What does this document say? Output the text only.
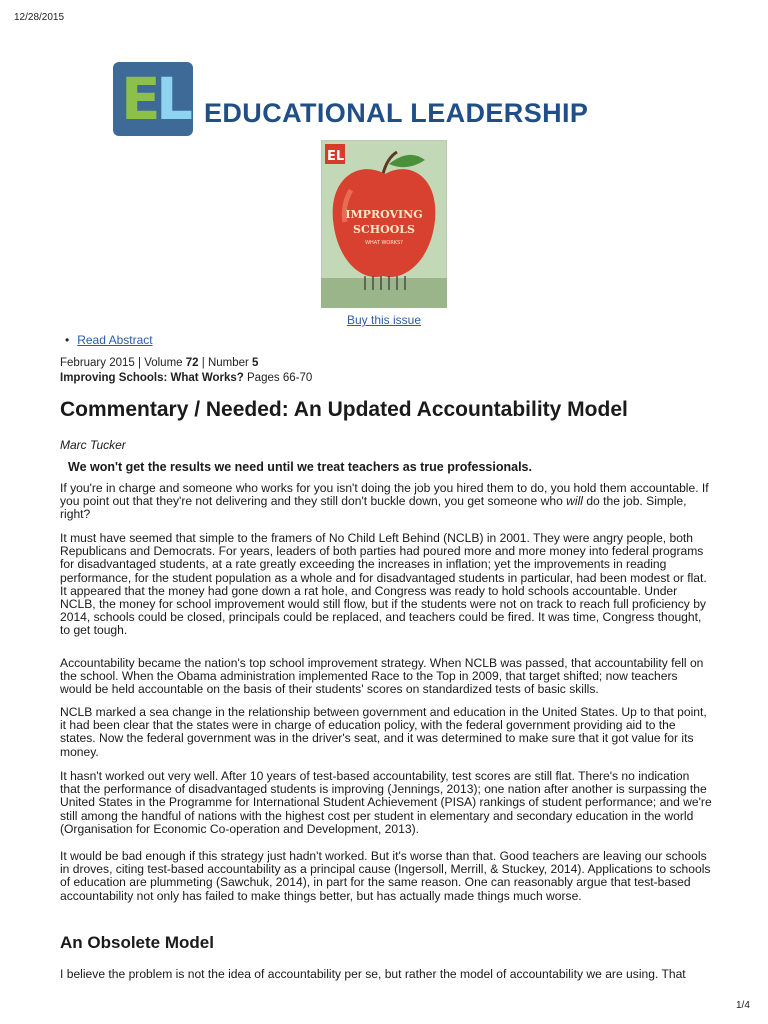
12/28/2015
E
L EDUCATIONAL LEADERSHIP
EL
IMPROVING
SCHOOLS
WHAT WORKS?
Buy this issue
• Read Abstract
February 2015 | Volume 72 | Number 5
Improving Schools: What Works? Pages 66-70
Commentary / Needed: An Updated Accountability Model
Marc Tucker
We won't get the results we need until we treat teachers as true professionals.

If you're in charge and someone who works for you isn't doing the job you hired them to do, you hold them accountable. If you point out that they're not delivering and they still don't buckle down, you get someone who will do the job. Simple, right?

It must have seemed that simple to the framers of No Child Left Behind (NCLB) in 2001. They were angry people, both Republicans and Democrats. For years, leaders of both parties had poured more and more money into federal programs for disadvantaged students, at a rate greatly exceeding the increases in inflation; yet the improvements in reading performance, for the student population as a whole and for disadvantaged students in particular, had been modest or flat. It appeared that the money had gone down a rat hole, and Congress was ready to hold schools accountable. Under NCLB, the money for school improvement would still flow, but if the students were not on track to reach full proficiency by 2014, schools could be closed, principals could be replaced, and teachers could be fired. It was time, Congress thought, to get tough.

Accountability became the nation's top school improvement strategy. When NCLB was passed, that accountability fell on the school. When the Obama administration implemented Race to the Top in 2009, that target shifted; now teachers would be held accountable on the basis of their students' scores on standardized tests of basic skills.

NCLB marked a sea change in the relationship between government and education in the United States. Up to that point, it had been clear that the states were in charge of education policy, with the federal government providing aid to the states. Now the federal government was in the driver's seat, and it was determined to make sure that it got value for its money.

It hasn't worked out very well. After 10 years of test-based accountability, test scores are still flat. There's no indication that the performance of disadvantaged students is improving (Jennings, 2013); one nation after another is surpassing the United States in the Programme for International Student Achievement (PISA) rankings of student performance; and we're still among the handful of nations with the highest cost per student in elementary and secondary education in the world (Organisation for Economic Co-operation and Development, 2013).

It would be bad enough if this strategy just hadn't worked. But it's worse than that. Good teachers are leaving our schools in droves, citing test-based accountability as a principal cause (Ingersoll, Merrill, & Stuckey, 2014). Applications to schools of education are plummeting (Sawchuk, 2014), in part for the same reason. One can reasonably argue that test-based accountability not only has failed to make things better, but has actually made things much worse.

An Obsolete Model

I believe the problem is not the idea of accountability per se, but rather the model of accountability we are using. That

1/4
